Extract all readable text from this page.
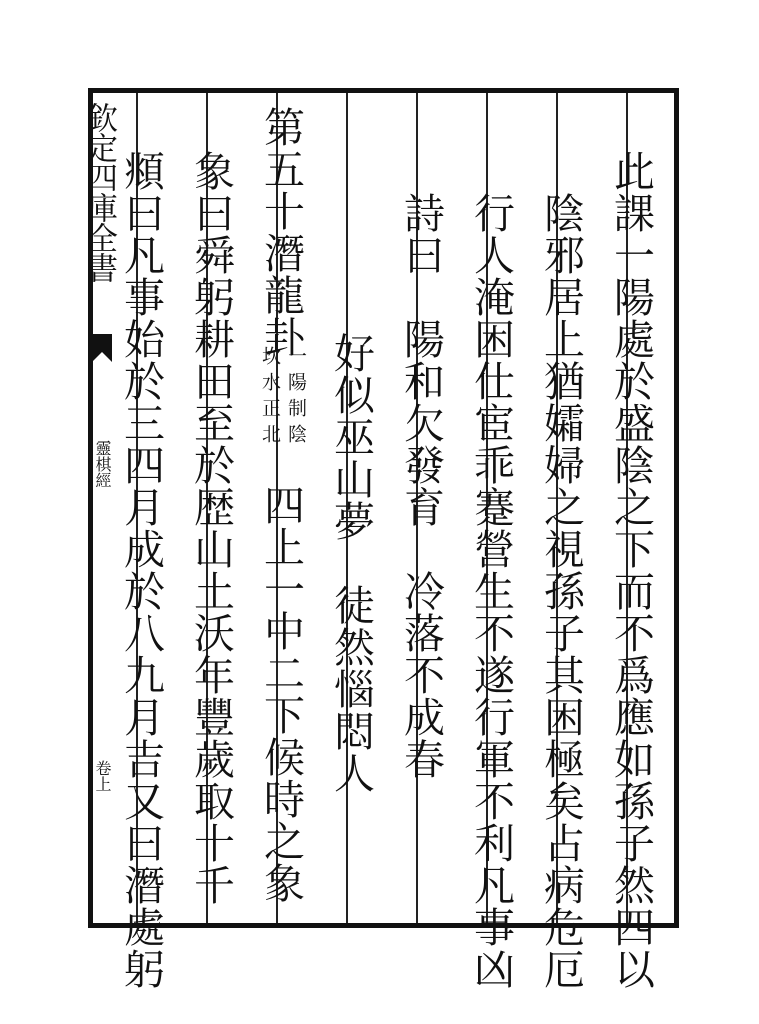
欽定四庫全書
靈棋經
卷上	此課一陽處於盛陰之下而不爲應如孫子然四以
陰邪居上猶孀婦之視孫子其困極矣占病危厄
行人淹困仕宦乖蹇營生不遂行軍不利凡事凶
詩曰　陽和欠發育　冷落不成春
好似巫山夢　徒然惱悶人
第五十潛龍卦
一陽制陰
坎水正北
四上一中二下候時之象
象曰舜躬耕田至於歴山土沃年豐歲取十千
頫曰凡事始於三四月成於八九月吉又曰潛處躬
